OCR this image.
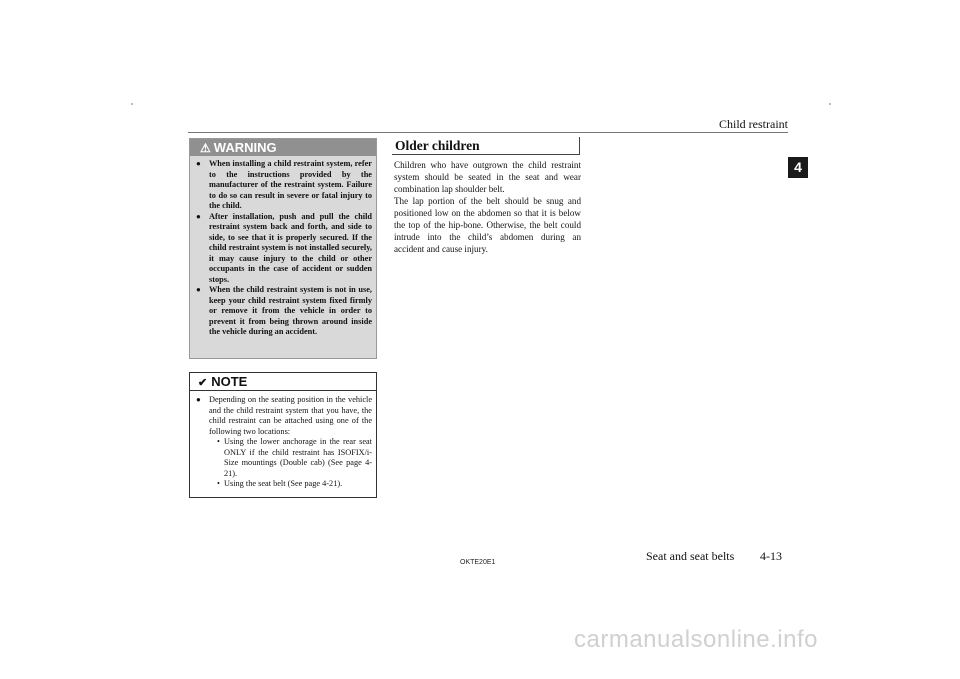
Child restraint
4
⚠ WARNING
● When installing a child restraint system, refer to the instructions provided by the manufacturer of the restraint system. Failure to do so can result in severe or fatal injury to the child.
● After installation, push and pull the child restraint system back and forth, and side to side, to see that it is properly secured. If the child restraint system is not installed securely, it may cause injury to the child or other occupants in the case of accident or sudden stops.
● When the child restraint system is not in use, keep your child restraint system fixed firmly or remove it from the vehicle in order to prevent it from being thrown around inside the vehicle during an accident.
✔ NOTE
● Depending on the seating position in the vehicle and the child restraint system that you have, the child restraint can be attached using one of the following two locations:
• Using the lower anchorage in the rear seat ONLY if the child restraint has ISOFIX/i-Size mountings (Double cab) (See page 4-21).
• Using the seat belt (See page 4-21).
Older children
Children who have outgrown the child restraint system should be seated in the seat and wear combination lap shoulder belt.
The lap portion of the belt should be snug and positioned low on the abdomen so that it is below the top of the hip-bone. Otherwise, the belt could intrude into the child’s abdomen during an accident and cause injury.
OKTE20E1	Seat and seat belts 4-13
carmanualsonline.info
